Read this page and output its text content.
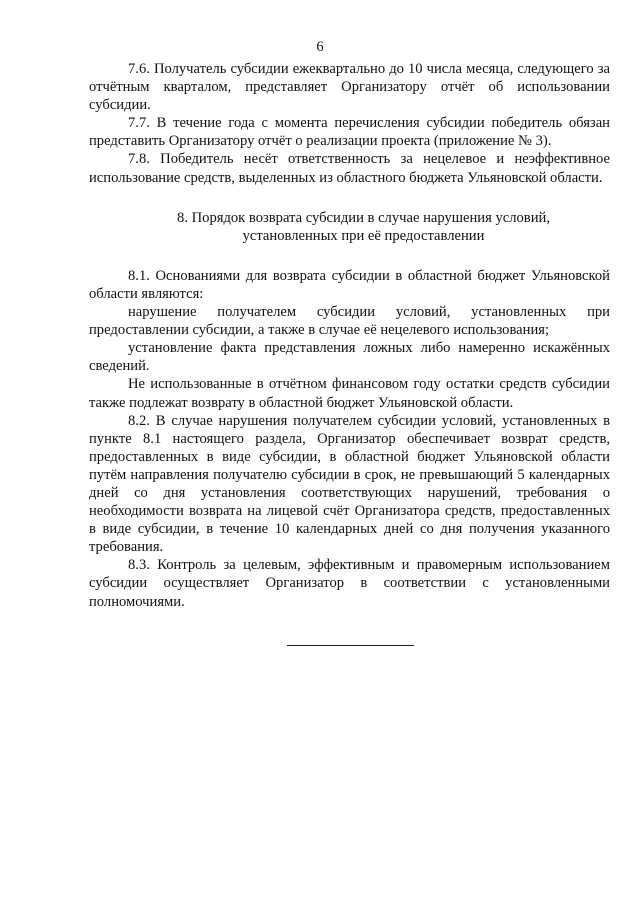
6

7.6. Получатель субсидии ежеквартально до 10 числа месяца, следующего за отчётным кварталом, представляет Организатору отчёт об использовании субсидии.

7.7. В течение года с момента перечисления субсидии победитель обязан представить Организатору отчёт о реализации проекта (приложение № 3).

7.8. Победитель несёт ответственность за нецелевое и неэффективное использование средств, выделенных из областного бюджета Ульяновской области.

8. Порядок возврата субсидии в случае нарушения условий,
установленных при её предоставлении

8.1. Основаниями для возврата субсидии в областной бюджет Ульяновской области являются:

нарушение получателем субсидии условий, установленных при предоставлении субсидии, а также в случае её нецелевого использования;

установление факта представления ложных либо намеренно искажённых сведений.

Не использованные в отчётном финансовом году остатки средств субсидии также подлежат возврату в областной бюджет Ульяновской области.

8.2. В случае нарушения получателем субсидии условий, установленных в пункте 8.1 настоящего раздела, Организатор обеспечивает возврат средств, предоставленных в виде субсидии, в областной бюджет Ульяновской области путём направления получателю субсидии в срок, не превышающий 5 календарных дней со дня установления соответствующих нарушений, требования о необходимости возврата на лицевой счёт Организатора средств, предоставленных в виде субсидии, в течение 10 календарных дней со дня получения указанного требования.

8.3. Контроль за целевым, эффективным и правомерным использованием субсидии осуществляет Организатор в соответствии с установленными полномочиями.
